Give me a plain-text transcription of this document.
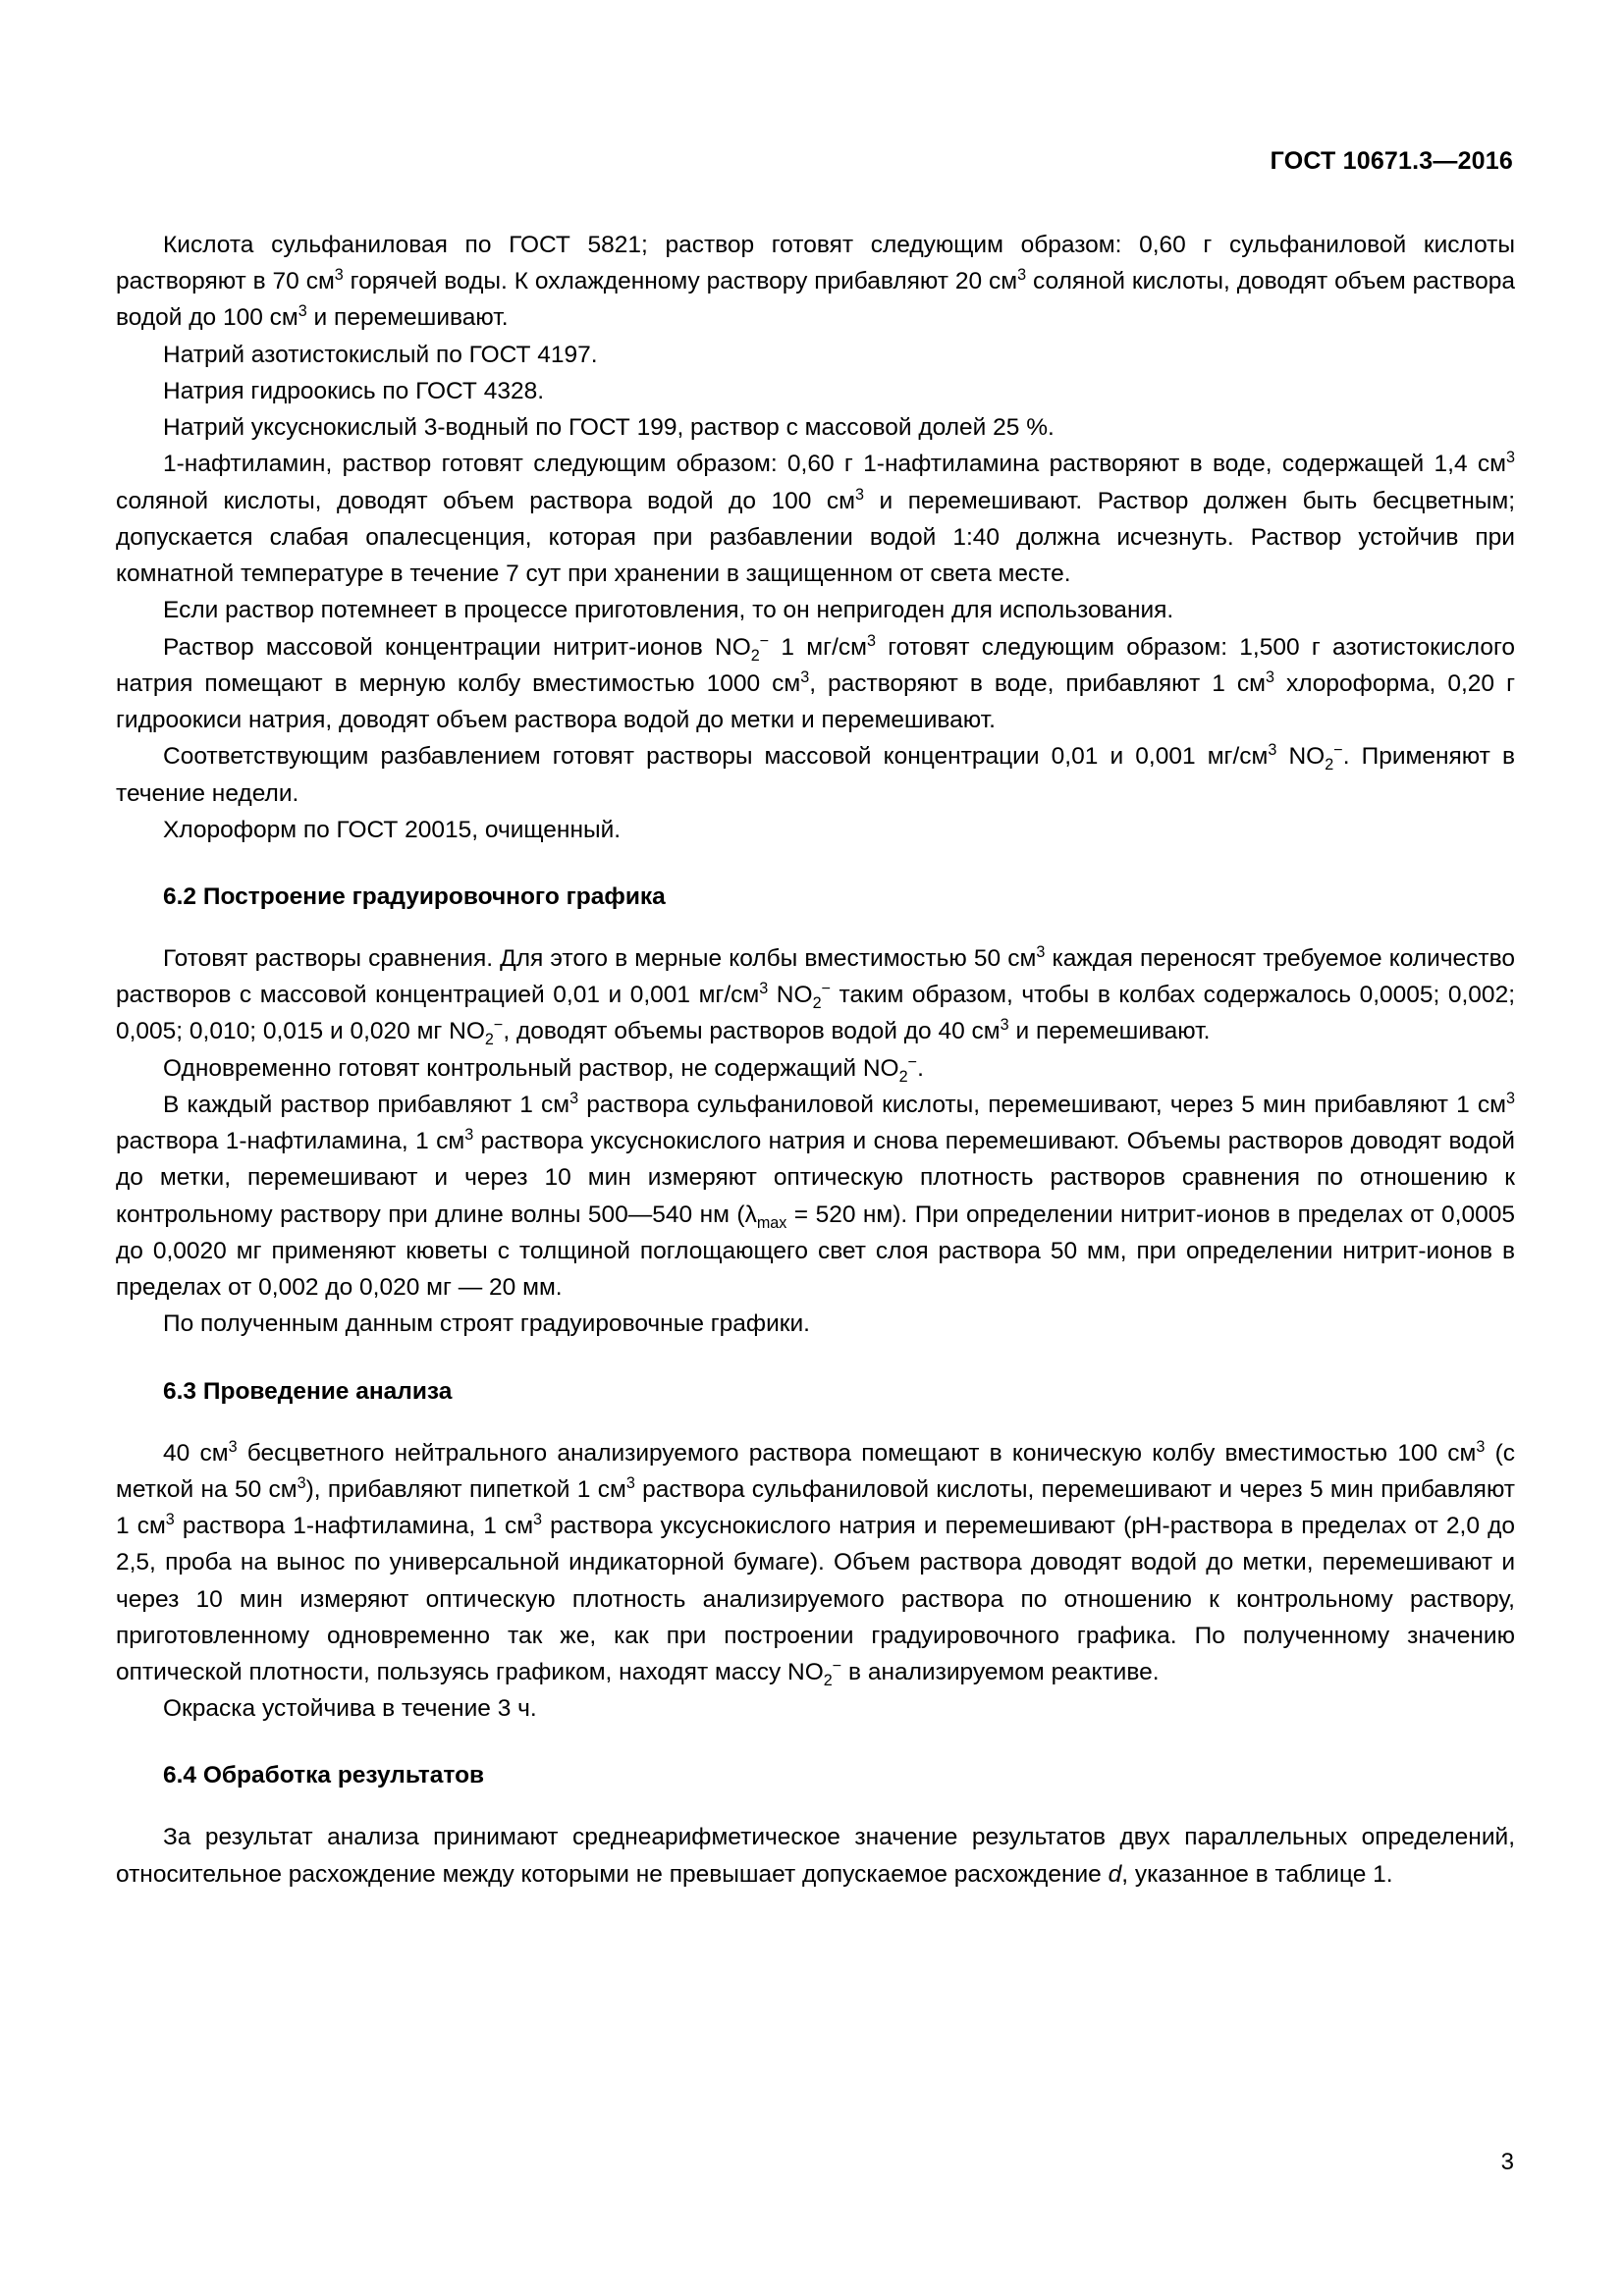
ГОСТ 10671.3—2016

Кислота сульфаниловая по ГОСТ 5821; раствор готовят следующим образом: 0,60 г сульфаниловой кислоты растворяют в 70 $см^3$ горячей воды. К охлажденному раствору прибавляют 20 $см^3$ соляной кислоты, доводят объем раствора водой до 100 $см^3$ и перемешивают.

Натрий азотистокислый по ГОСТ 4197.

Натрия гидроокись по ГОСТ 4328.

Натрий уксуснокислый 3-водный по ГОСТ 199, раствор с массовой долей 25 %.

1-нафтиламин, раствор готовят следующим образом: 0,60 г 1-нафтиламина растворяют в воде, содержащей 1,4 $см^3$ соляной кислоты, доводят объем раствора водой до 100 $см^3$ и перемешивают. Раствор должен быть бесцветным; допускается слабая опалесценция, которая при разбавлении водой 1:40 должна исчезнуть. Раствор устойчив при комнатной температуре в течение 7 сут при хранении в защищенном от света месте.

Если раствор потемнеет в процессе приготовления, то он непригоден для использования.

Раствор массовой концентрации нитрит-ионов $NO_2^-$ 1 $мг/см^3$ готовят следующим образом: 1,500 г азотистокислого натрия помещают в мерную колбу вместимостью 1000 $см^3$, растворяют в воде, прибавляют 1 $см^3$ хлороформа, 0,20 г гидроокиси натрия, доводят объем раствора водой до метки и перемешивают.

Соответствующим разбавлением готовят растворы массовой концентрации 0,01 и 0,001 $мг/см^3$ $NO_2^-$. Применяют в течение недели.

Хлороформ по ГОСТ 20015, очищенный.

6.2 Построение градуировочного графика

Готовят растворы сравнения. Для этого в мерные колбы вместимостью 50 $см^3$ каждая переносят требуемое количество растворов с массовой концентрацией 0,01 и 0,001 $мг/см^3$ $NO_2^-$ таким образом, чтобы в колбах содержалось 0,0005; 0,002; 0,005; 0,010; 0,015 и 0,020 мг $NO_2^-$, доводят объемы растворов водой до 40 $см^3$ и перемешивают.

Одновременно готовят контрольный раствор, не содержащий $NO_2^-$.

В каждый раствор прибавляют 1 $см^3$ раствора сульфаниловой кислоты, перемешивают, через 5 мин прибавляют 1 $см^3$ раствора 1-нафтиламина, 1 $см^3$ раствора уксуснокислого натрия и снова перемешивают. Объемы растворов доводят водой до метки, перемешивают и через 10 мин измеряют оптическую плотность растворов сравнения по отношению к контрольному раствору при длине волны 500—540 нм ($\lambda_{max} = 520$ нм). При определении нитрит-ионов в пределах от 0,0005 до 0,0020 мг применяют кюветы с толщиной поглощающего свет слоя раствора 50 мм, при определении нитрит-ионов в пределах от 0,002 до 0,020 мг — 20 мм.

По полученным данным строят градуировочные графики.

6.3 Проведение анализа

40 $см^3$ бесцветного нейтрального анализируемого раствора помещают в коническую колбу вместимостью 100 $см^3$ (с меткой на 50 $см^3$), прибавляют пипеткой 1 $см^3$ раствора сульфаниловой кислоты, перемешивают и через 5 мин прибавляют 1 $см^3$ раствора 1-нафтиламина, 1 $см^3$ раствора уксуснокислого натрия и перемешивают (pH-раствора в пределах от 2,0 до 2,5, проба на вынос по универсальной индикаторной бумаге). Объем раствора доводят водой до метки, перемешивают и через 10 мин измеряют оптическую плотность анализируемого раствора по отношению к контрольному раствору, приготовленному одновременно так же, как при построении градуировочного графика. По полученному значению оптической плотности, пользуясь графиком, находят массу $NO_2^-$ в анализируемом реактиве.

Окраска устойчива в течение 3 ч.

6.4 Обработка результатов

За результат анализа принимают среднеарифметическое значение результатов двух параллельных определений, относительное расхождение между которыми не превышает допускаемое расхождение d, указанное в таблице 1.

3
